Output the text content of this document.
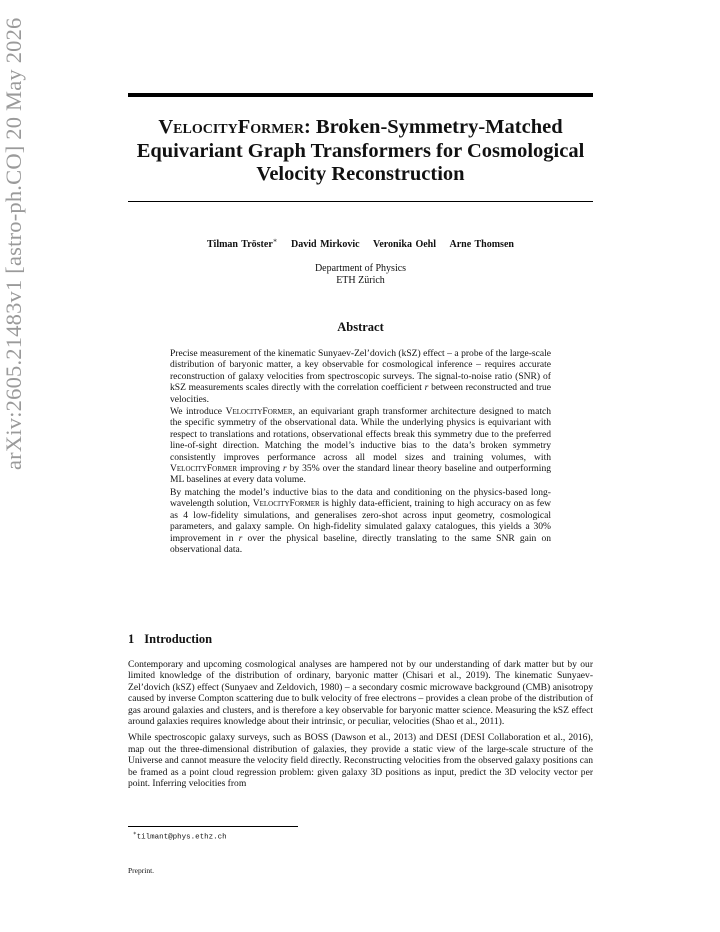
arXiv:2605.21483v1 [astro-ph.CO] 20 May 2026	VelocityFormer: Broken-Symmetry-Matched
Equivariant Graph Transformers for Cosmological
Velocity Reconstruction
Tilman Tröster∗ David Mirkovic Veronika Oehl Arne Thomsen
Department of Physics
ETH Zürich
Abstract

Precise measurement of the kinematic Sunyaev-Zel’dovich (kSZ) effect – a probe of the large-scale distribution of baryonic matter, a key observable for cosmological inference – requires accurate reconstruction of galaxy velocities from spectroscopic surveys. The signal-to-noise ratio (SNR) of kSZ measurements scales directly with the correlation coefficient r between reconstructed and true velocities.

We introduce VelocityFormer, an equivariant graph transformer architecture designed to match the specific symmetry of the observational data. While the underlying physics is equivariant with respect to translations and rotations, observational effects break this symmetry due to the preferred line-of-sight direction. Matching the model’s inductive bias to the data’s broken symmetry consistently improves performance across all model sizes and training volumes, with VelocityFormer improving r by 35% over the standard linear theory baseline and outperforming ML baselines at every data volume.

By matching the model’s inductive bias to the data and conditioning on the physics-based long-wavelength solution, VelocityFormer is highly data-efficient, training to high accuracy on as few as 4 low-fidelity simulations, and generalises zero-shot across input geometry, cosmological parameters, and galaxy sample. On high-fidelity simulated galaxy catalogues, this yields a 30% improvement in r over the physical baseline, directly translating to the same SNR gain on observational data.

1 Introduction

Contemporary and upcoming cosmological analyses are hampered not by our understanding of dark matter but by our limited knowledge of the distribution of ordinary, baryonic matter (Chisari et al., 2019). The kinematic Sunyaev-Zel’dovich (kSZ) effect (Sunyaev and Zeldovich, 1980) – a secondary cosmic microwave background (CMB) anisotropy caused by inverse Compton scattering due to bulk velocity of free electrons – provides a clean probe of the distribution of gas around galaxies and clusters, and is therefore a key observable for baryonic matter science. Measuring the kSZ effect around galaxies requires knowledge about their intrinsic, or peculiar, velocities (Shao et al., 2011).

While spectroscopic galaxy surveys, such as BOSS (Dawson et al., 2013) and DESI (DESI Collaboration et al., 2016), map out the three-dimensional distribution of galaxies, they provide a static view of the large-scale structure of the Universe and cannot measure the velocity field directly. Reconstructing velocities from the observed galaxy positions can be framed as a point cloud regression problem: given galaxy 3D positions as input, predict the 3D velocity vector per point. Inferring velocities from

∗tilmant@phys.ethz.ch
Preprint.
